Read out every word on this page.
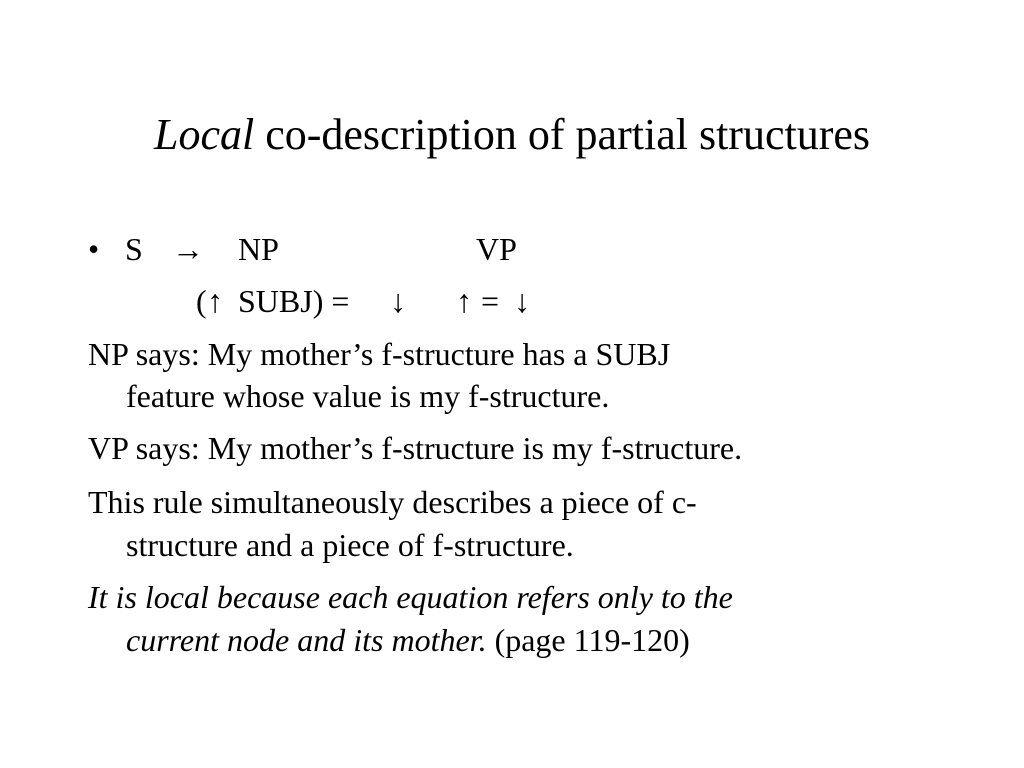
Local co-description of partial structures
• S → NP	VP
( ↑ SUBJ) = ↓ ↑ = ↓
NP says: My mother’s f-structure has a SUBJ
feature whose value is my f-structure.
VP says: My mother’s f-structure is my f-structure.
This rule simultaneously describes a piece of c-
structure and a piece of f-structure.
It is local because each equation refers only to the
current node and its mother. (page 119-120)
